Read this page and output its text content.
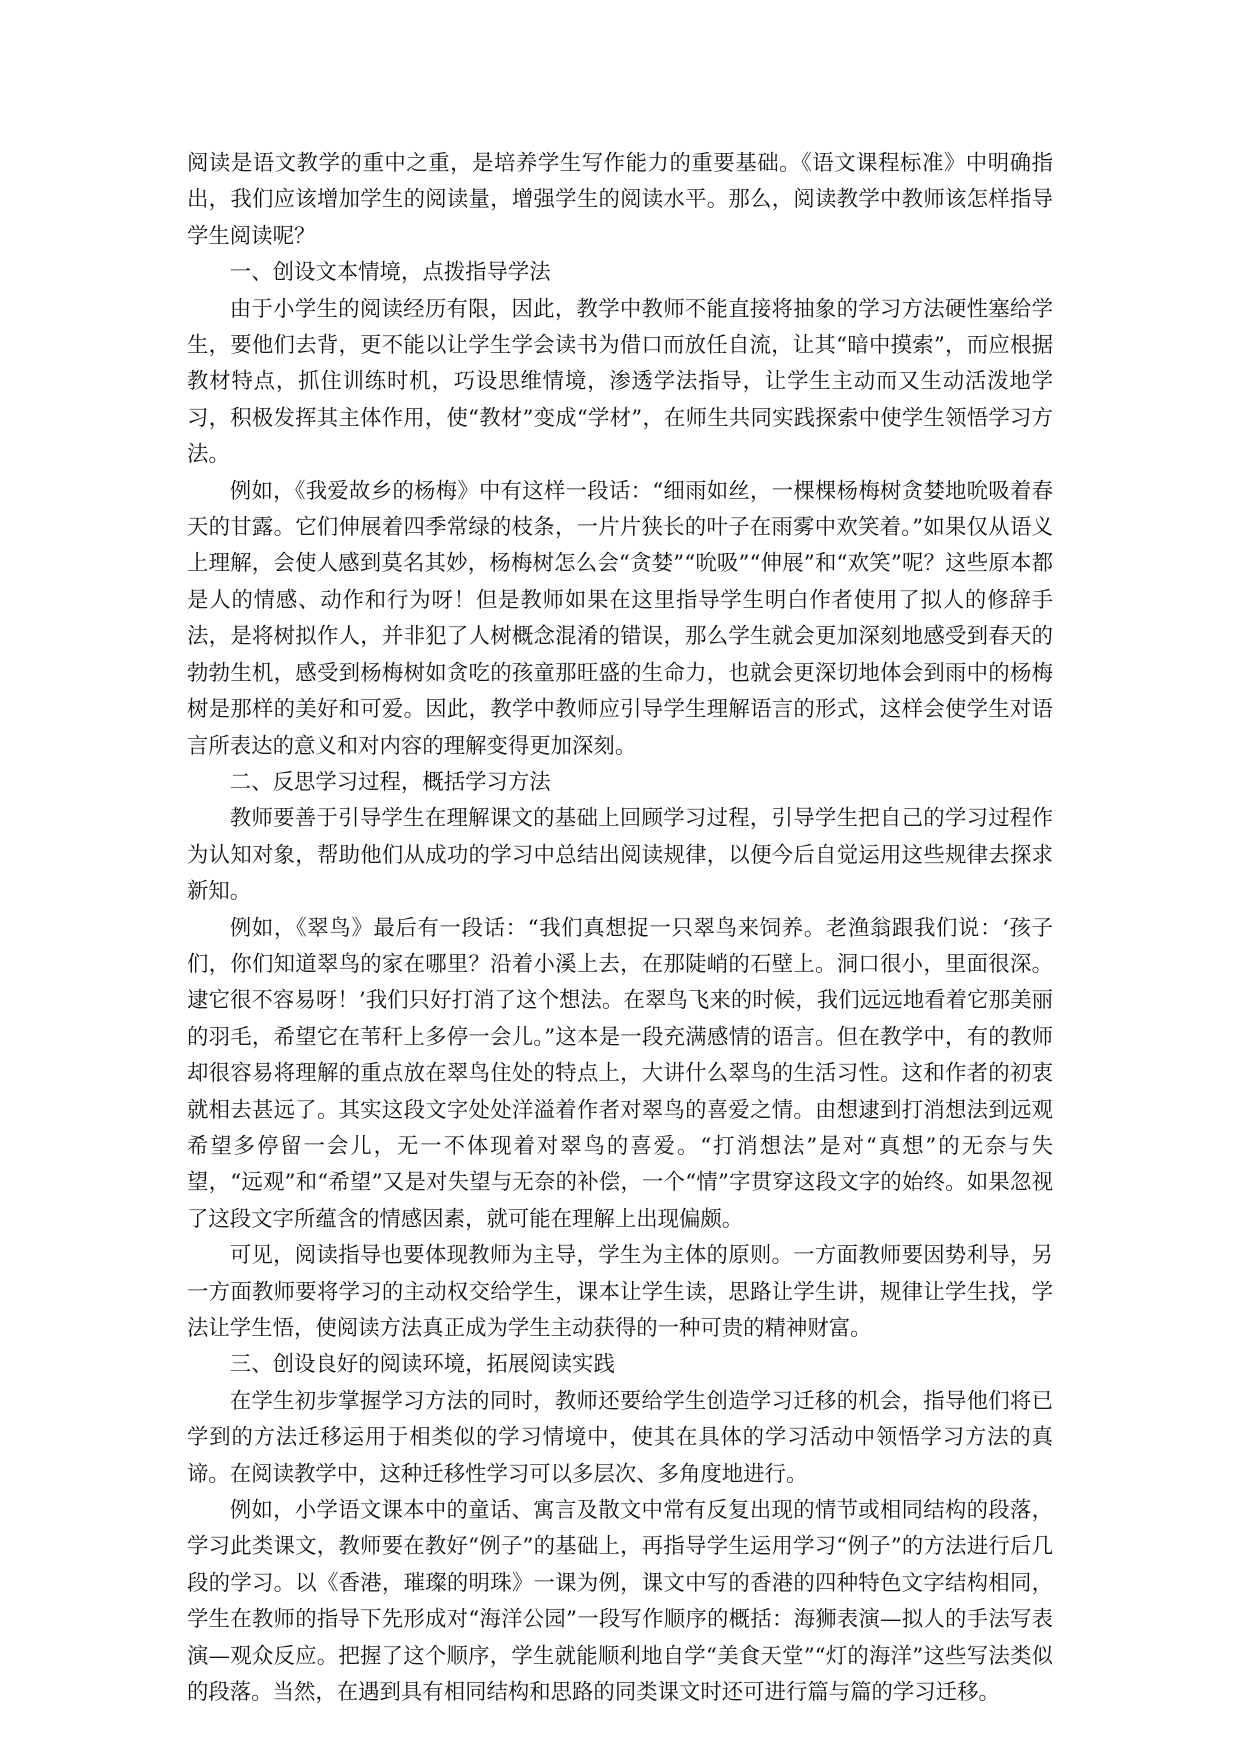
阅读是语文教学的重中之重，是培养学生写作能力的重要基础。《语文课程标准》中明确指出，我们应该增加学生的阅读量，增强学生的阅读水平。那么，阅读教学中教师该怎样指导学生阅读呢？

一、创设文本情境，点拨指导学法

由于小学生的阅读经历有限，因此，教学中教师不能直接将抽象的学习方法硬性塞给学生，要他们去背，更不能以让学生学会读书为借口而放任自流，让其“暗中摸索”，而应根据教材特点，抓住训练时机，巧设思维情境，渗透学法指导，让学生主动而又生动活泼地学习，积极发挥其主体作用，使“教材”变成“学材”，在师生共同实践探索中使学生领悟学习方法。

例如，《我爱故乡的杨梅》中有这样一段话：“细雨如丝，一棵棵杨梅树贪婪地吮吸着春天的甘露。它们伸展着四季常绿的枝条，一片片狭长的叶子在雨雾中欢笑着。”如果仅从语义上理解，会使人感到莫名其妙，杨梅树怎么会“贪婪”“吮吸”“伸展”和“欢笑”呢？这些原本都是人的情感、动作和行为呀！但是教师如果在这里指导学生明白作者使用了拟人的修辞手法，是将树拟作人，并非犯了人树概念混淆的错误，那么学生就会更加深刻地感受到春天的勃勃生机，感受到杨梅树如贪吃的孩童那旺盛的生命力，也就会更深切地体会到雨中的杨梅树是那样的美好和可爱。因此，教学中教师应引导学生理解语言的形式，这样会使学生对语言所表达的意义和对内容的理解变得更加深刻。

二、反思学习过程，概括学习方法

教师要善于引导学生在理解课文的基础上回顾学习过程，引导学生把自己的学习过程作为认知对象，帮助他们从成功的学习中总结出阅读规律，以便今后自觉运用这些规律去探求新知。

例如，《翠鸟》最后有一段话：“我们真想捉一只翠鸟来饲养。老渔翁跟我们说：‘孩子们，你们知道翠鸟的家在哪里？沿着小溪上去，在那陡峭的石壁上。洞口很小，里面很深。逮它很不容易呀！’我们只好打消了这个想法。在翠鸟飞来的时候，我们远远地看着它那美丽的羽毛，希望它在苇秆上多停一会儿。”这本是一段充满感情的语言。但在教学中，有的教师却很容易将理解的重点放在翠鸟住处的特点上，大讲什么翠鸟的生活习性。这和作者的初衷就相去甚远了。其实这段文字处处洋溢着作者对翠鸟的喜爱之情。由想逮到打消想法到远观希望多停留一会儿，无一不体现着对翠鸟的喜爱。“打消想法”是对“真想”的无奈与失望，“远观”和“希望”又是对失望与无奈的补偿，一个“情”字贯穿这段文字的始终。如果忽视了这段文字所蕴含的情感因素，就可能在理解上出现偏颇。

可见，阅读指导也要体现教师为主导，学生为主体的原则。一方面教师要因势利导，另一方面教师要将学习的主动权交给学生，课本让学生读，思路让学生讲，规律让学生找，学法让学生悟，使阅读方法真正成为学生主动获得的一种可贵的精神财富。

三、创设良好的阅读环境，拓展阅读实践

在学生初步掌握学习方法的同时，教师还要给学生创造学习迁移的机会，指导他们将已学到的方法迁移运用于相类似的学习情境中，使其在具体的学习活动中领悟学习方法的真谛。在阅读教学中，这种迁移性学习可以多层次、多角度地进行。

例如，小学语文课本中的童话、寓言及散文中常有反复出现的情节或相同结构的段落，学习此类课文，教师要在教好“例子”的基础上，再指导学生运用学习“例子”的方法进行后几段的学习。以《香港，璀璨的明珠》一课为例，课文中写的香港的四种特色文字结构相同，学生在教师的指导下先形成对“海洋公园”一段写作顺序的概括：海狮表演—拟人的手法写表演—观众反应。把握了这个顺序，学生就能顺利地自学“美食天堂”“灯的海洋”这些写法类似的段落。当然，在遇到具有相同结构和思路的同类课文时还可进行篇与篇的学习迁移。
